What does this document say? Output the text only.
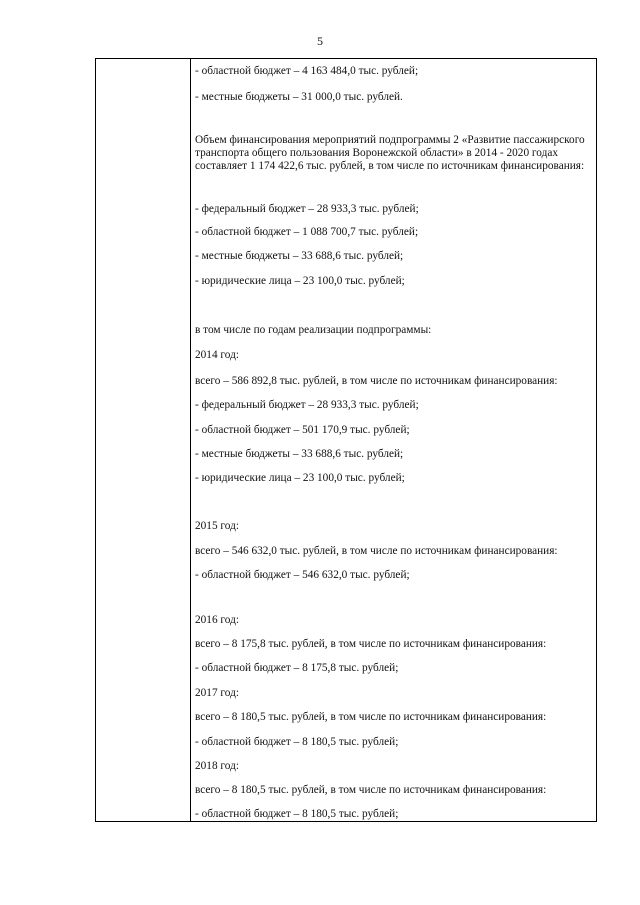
5
- областной бюджет – 4 163 484,0 тыс. рублей;
- местные бюджеты – 31 000,0 тыс. рублей.
Объем финансирования мероприятий подпрограммы 2 «Развитие пассажирского транспорта общего пользования Воронежской области» в 2014 - 2020 годах составляет 1 174 422,6 тыс. рублей, в том числе по источникам финансирования:
- федеральный бюджет – 28 933,3 тыс. рублей;
- областной бюджет – 1 088 700,7 тыс. рублей;
- местные бюджеты – 33 688,6 тыс. рублей;
- юридические лица – 23 100,0 тыс. рублей;
в том числе по годам реализации подпрограммы:
2014 год:
всего – 586 892,8 тыс. рублей, в том числе по источникам финансирования:
- федеральный бюджет – 28 933,3 тыс. рублей;
- областной бюджет – 501 170,9 тыс. рублей;
- местные бюджеты – 33 688,6 тыс. рублей;
- юридические лица – 23 100,0 тыс. рублей;
2015 год:
всего – 546 632,0 тыс. рублей, в том числе по источникам финансирования:
- областной бюджет – 546 632,0 тыс. рублей;
2016 год:
всего – 8 175,8 тыс. рублей, в том числе по источникам финансирования:
- областной бюджет – 8 175,8 тыс. рублей;
2017 год:
всего – 8 180,5 тыс. рублей, в том числе по источникам финансирования:
- областной бюджет – 8 180,5 тыс. рублей;
2018 год:
всего – 8 180,5 тыс. рублей, в том числе по источникам финансирования:
- областной бюджет – 8 180,5 тыс. рублей;
